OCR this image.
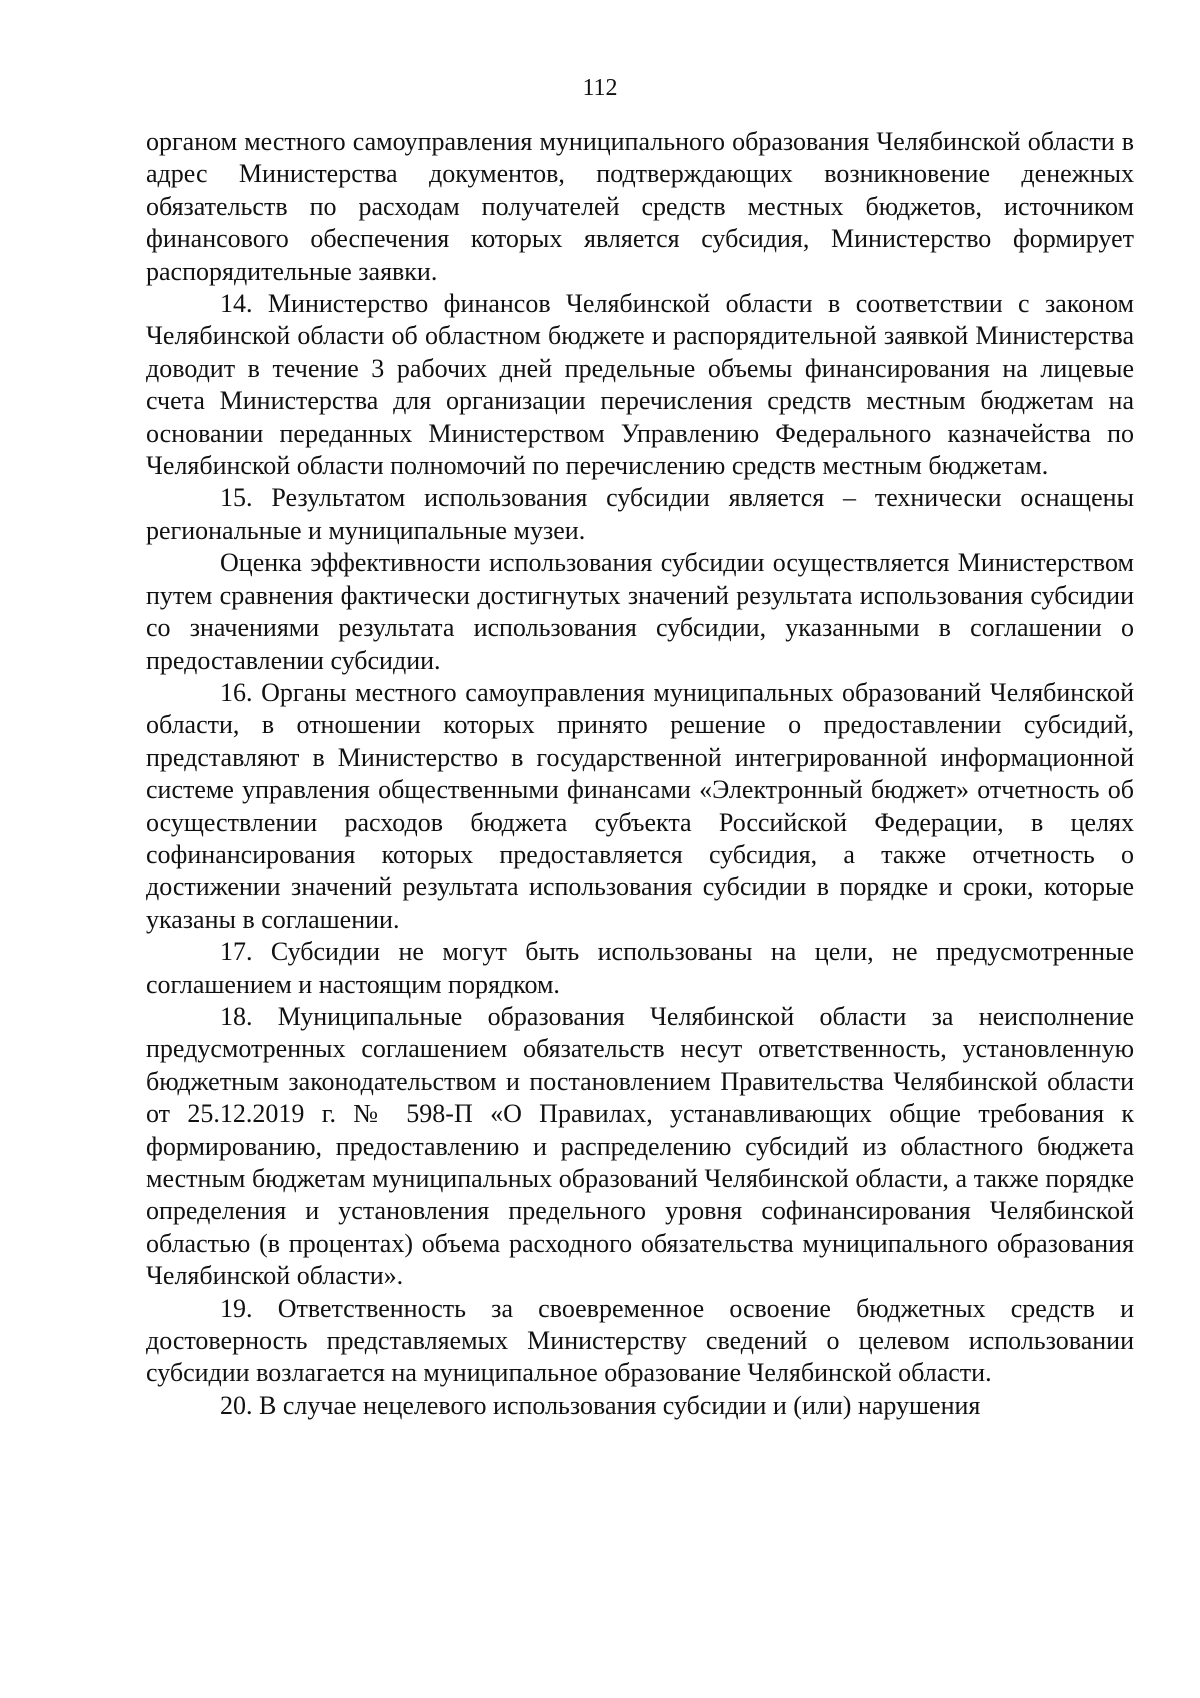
112

органом местного самоуправления муниципального образования Челябинской области в адрес Министерства документов, подтверждающих возникновение денежных обязательств по расходам получателей средств местных бюджетов, источником финансового обеспечения которых является субсидия, Министерство формирует распорядительные заявки.

14. Министерство финансов Челябинской области в соответствии с законом Челябинской области об областном бюджете и распорядительной заявкой Министерства доводит в течение 3 рабочих дней предельные объемы финансирования на лицевые счета Министерства для организации перечисления средств местным бюджетам на основании переданных Министерством Управлению Федерального казначейства по Челябинской области полномочий по перечислению средств местным бюджетам.

15. Результатом использования субсидии является – технически оснащены региональные и муниципальные музеи.

Оценка эффективности использования субсидии осуществляется Министерством путем сравнения фактически достигнутых значений результата использования субсидии со значениями результата использования субсидии, указанными в соглашении о предоставлении субсидии.

16. Органы местного самоуправления муниципальных образований Челябинской области, в отношении которых принято решение о предоставлении субсидий, представляют в Министерство в государственной интегрированной информационной системе управления общественными финансами «Электронный бюджет» отчетность об осуществлении расходов бюджета субъекта Российской Федерации, в целях софинансирования которых предоставляется субсидия, а также отчетность о достижении значений результата использования субсидии в порядке и сроки, которые указаны в соглашении.

17. Субсидии не могут быть использованы на цели, не предусмотренные соглашением и настоящим порядком.

18. Муниципальные образования Челябинской области за неисполнение предусмотренных соглашением обязательств несут ответственность, установленную бюджетным законодательством и постановлением Правительства Челябинской области от 25.12.2019 г. № 598-П «О Правилах, устанавливающих общие требования к формированию, предоставлению и распределению субсидий из областного бюджета местным бюджетам муниципальных образований Челябинской области, а также порядке определения и установления предельного уровня софинансирования Челябинской областью (в процентах) объема расходного обязательства муниципального образования Челябинской области».

19. Ответственность за своевременное освоение бюджетных средств и достоверность представляемых Министерству сведений о целевом использовании субсидии возлагается на муниципальное образование Челябинской области.

20. В случае нецелевого использования субсидии и (или) нарушения
